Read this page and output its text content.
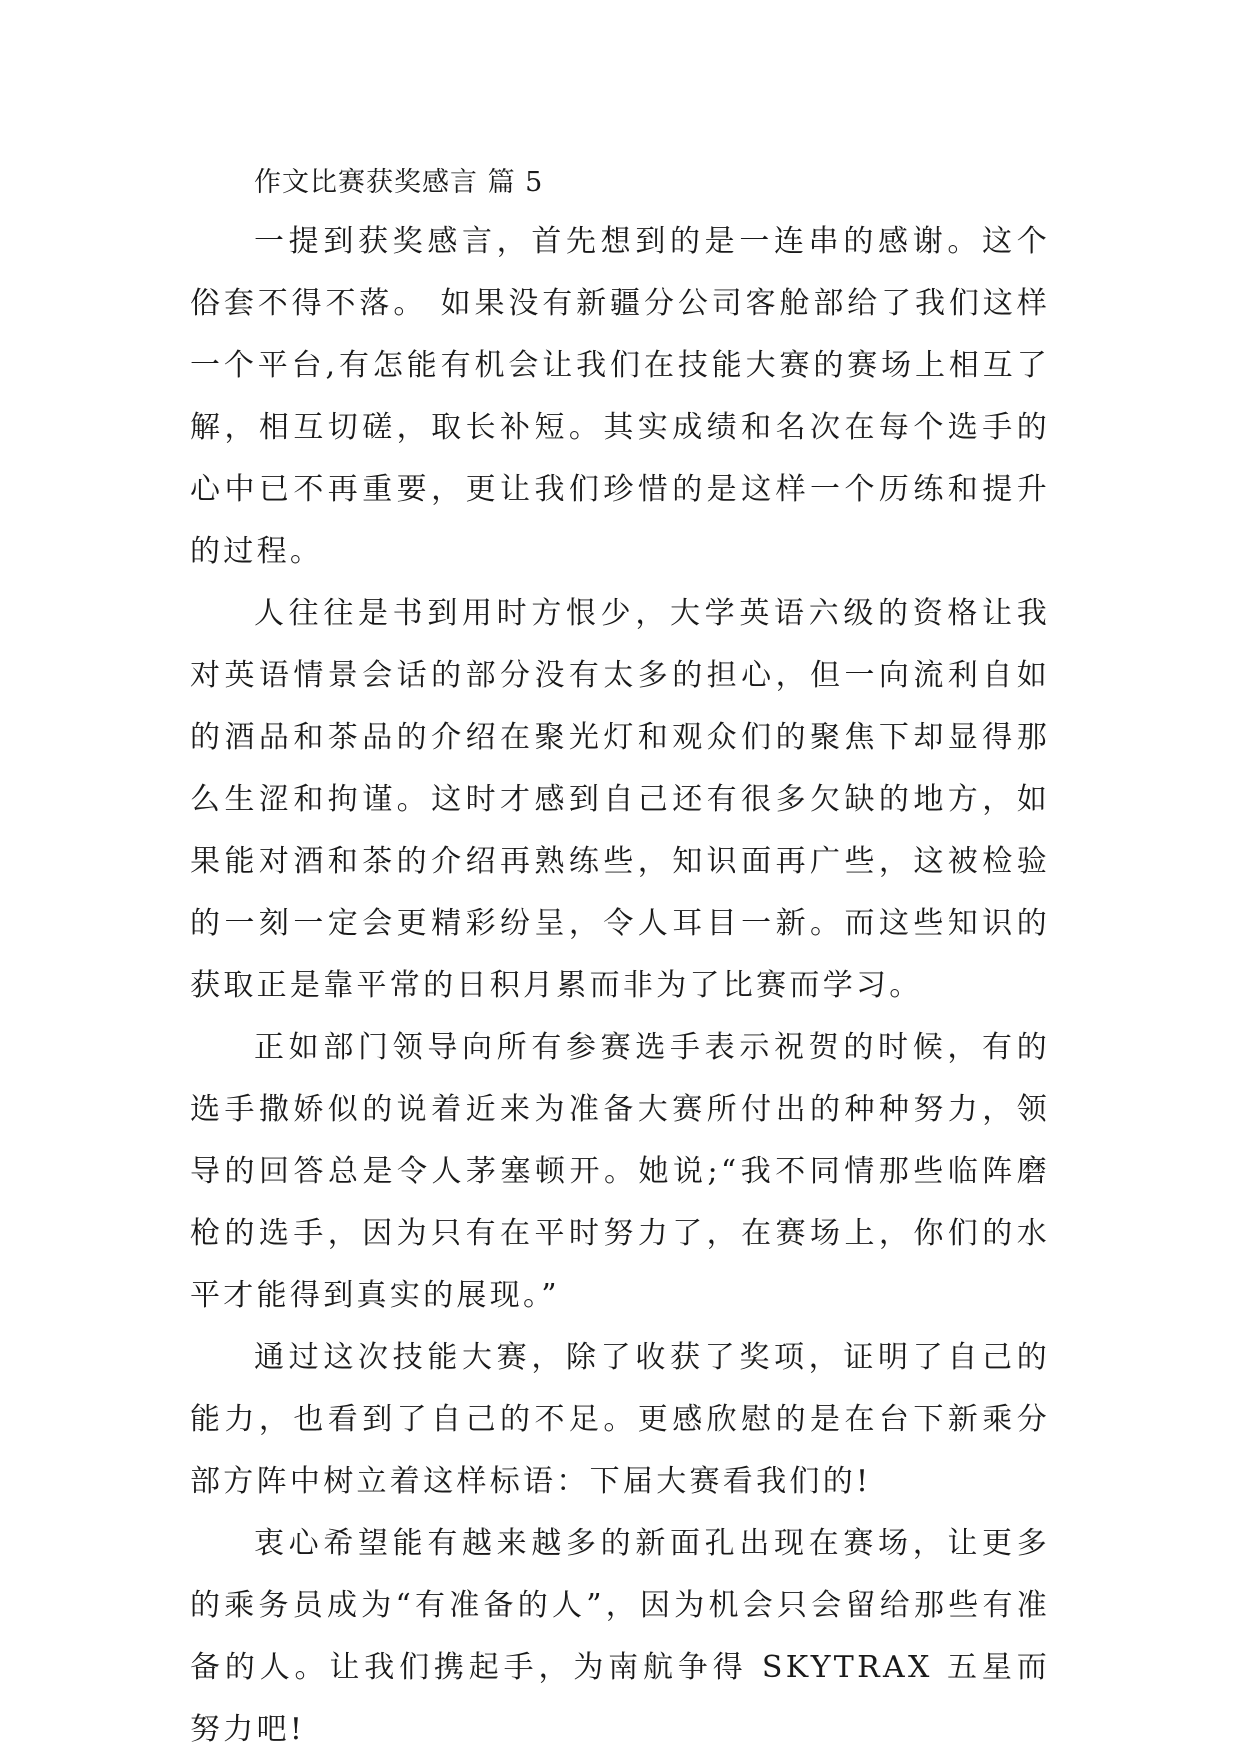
作文比赛获奖感言 篇 5

一提到获奖感言，首先想到的是一连串的感谢。这个俗套不得不落。 如果没有新疆分公司客舱部给了我们这样一个平台,有怎能有机会让我们在技能大赛的赛场上相互了解，相互切磋，取长补短。其实成绩和名次在每个选手的心中已不再重要，更让我们珍惜的是这样一个历练和提升的过程。

人往往是书到用时方恨少，大学英语六级的资格让我对英语情景会话的部分没有太多的担心，但一向流利自如的酒品和茶品的介绍在聚光灯和观众们的聚焦下却显得那么生涩和拘谨。这时才感到自己还有很多欠缺的地方，如果能对酒和茶的介绍再熟练些，知识面再广些，这被检验的一刻一定会更精彩纷呈，令人耳目一新。而这些知识的获取正是靠平常的日积月累而非为了比赛而学习。

正如部门领导向所有参赛选手表示祝贺的时候，有的选手撒娇似的说着近来为准备大赛所付出的种种努力，领导的回答总是令人茅塞顿开。她说;“我不同情那些临阵磨枪的选手，因为只有在平时努力了，在赛场上，你们的水平才能得到真实的展现。”

通过这次技能大赛，除了收获了奖项，证明了自己的能力，也看到了自己的不足。更感欣慰的是在台下新乘分部方阵中树立着这样标语：下届大赛看我们的!

衷心希望能有越来越多的新面孔出现在赛场，让更多的乘务员成为“有准备的人”，因为机会只会留给那些有准备的人。让我们携起手，为南航争得 SKYTRAX 五星而努力吧!
